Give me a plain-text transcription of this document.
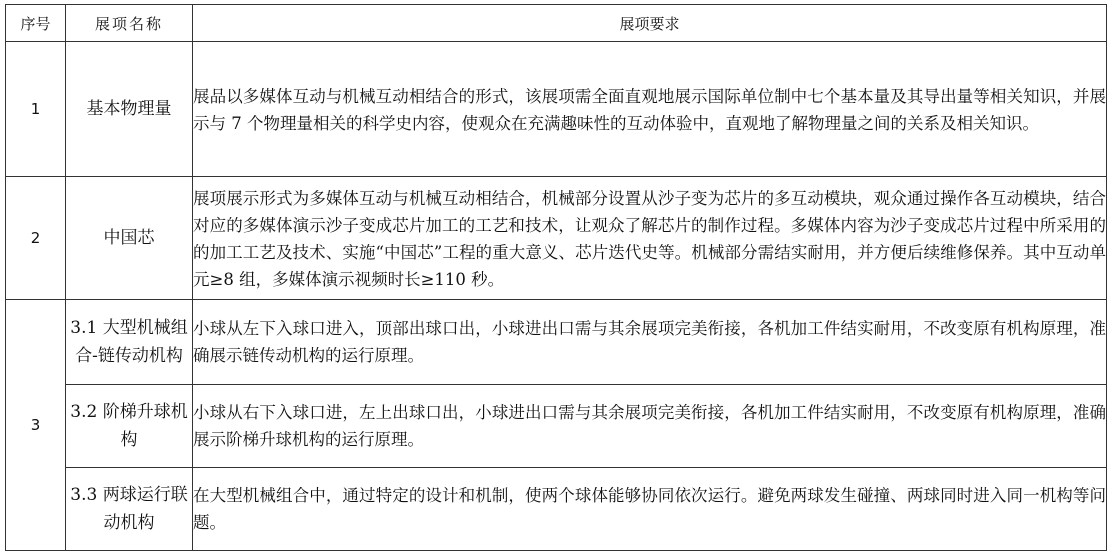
序号	展项名称	展项要求
1	基本物理量	展品以多媒体互动与机械互动相结合的形式，该展项需全面直观地展示国际单位制中七个基本量及其导出量等相关知识，并展示与 7 个物理量相关的科学史内容，使观众在充满趣味性的互动体验中，直观地了解物理量之间的关系及相关知识。
2	中国芯	展项展示形式为多媒体互动与机械互动相结合，机械部分设置从沙子变为芯片的多互动模块，观众通过操作各互动模块，结合对应的多媒体演示沙子变成芯片加工的工艺和技术，让观众了解芯片的制作过程。多媒体内容为沙子变成芯片过程中所采用的的加工工艺及技术、实施“中国芯”工程的重大意义、芯片迭代史等。机械部分需结实耐用，并方便后续维修保养。其中互动单元≥8 组，多媒体演示视频时长≥110 秒。
3	3.1 大型机械组合-链传动机构	小球从左下入球口进入，顶部出球口出，小球进出口需与其余展项完美衔接，各机加工件结实耐用，不改变原有机构原理，准确展示链传动机构的运行原理。
	3.2 阶梯升球机构	小球从右下入球口进，左上出球口出，小球进出口需与其余展项完美衔接，各机加工件结实耐用，不改变原有机构原理，准确展示阶梯升球机构的运行原理。
	3.3 两球运行联动机构	在大型机械组合中，通过特定的设计和机制，使两个球体能够协同依次运行。避免两球发生碰撞、两球同时进入同一机构等问题。
